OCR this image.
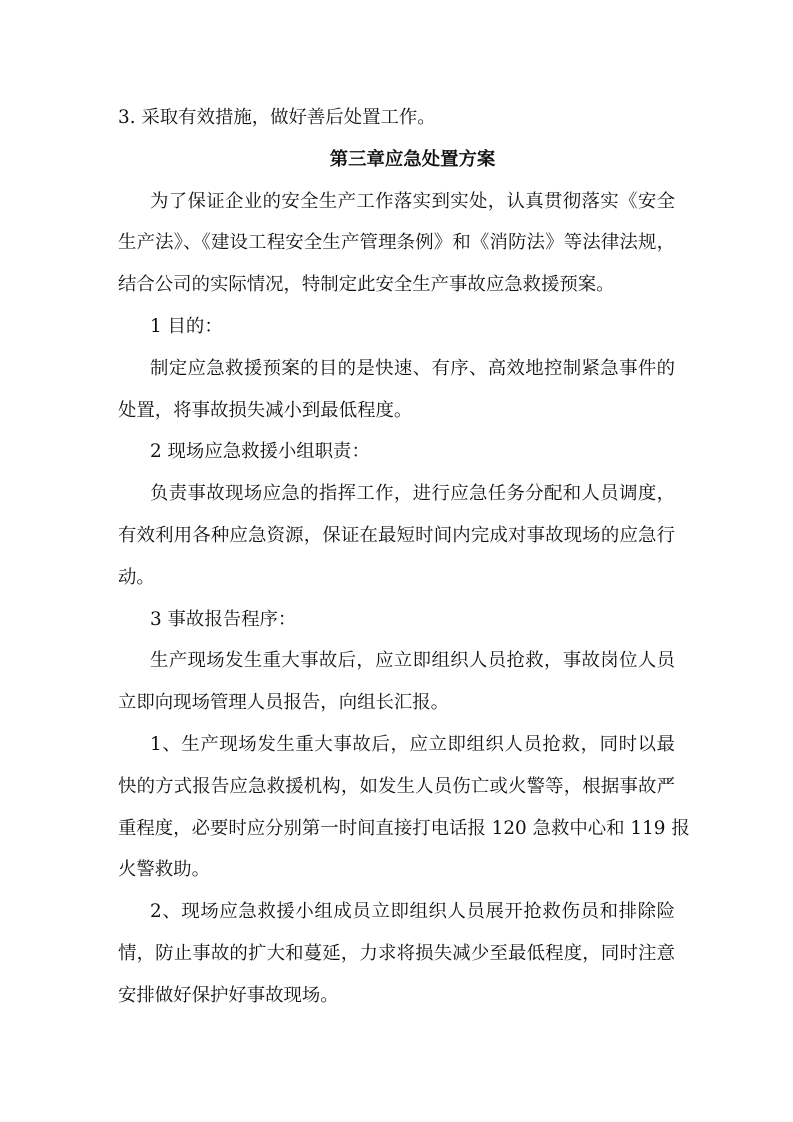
3. 采取有效措施，做好善后处置工作。
第三章应急处置方案
为了保证企业的安全生产工作落实到实处，认真贯彻落实《安全
生产法》、《建设工程安全生产管理条例》和《消防法》等法律法规，
结合公司的实际情况，特制定此安全生产事故应急救援预案。
1 目的：
制定应急救援预案的目的是快速、有序、高效地控制紧急事件的
处置，将事故损失减小到最低程度。
2 现场应急救援小组职责：
负责事故现场应急的指挥工作，进行应急任务分配和人员调度，
有效利用各种应急资源，保证在最短时间内完成对事故现场的应急行
动。
3 事故报告程序：
生产现场发生重大事故后，应立即组织人员抢救，事故岗位人员
立即向现场管理人员报告，向组长汇报。
1、生产现场发生重大事故后，应立即组织人员抢救，同时以最
快的方式报告应急救援机构，如发生人员伤亡或火警等，根据事故严
重程度，必要时应分别第一时间直接打电话报 120 急救中心和 119 报
火警救助。
2、现场应急救援小组成员立即组织人员展开抢救伤员和排除险
情，防止事故的扩大和蔓延，力求将损失减少至最低程度，同时注意
安排做好保护好事故现场。
